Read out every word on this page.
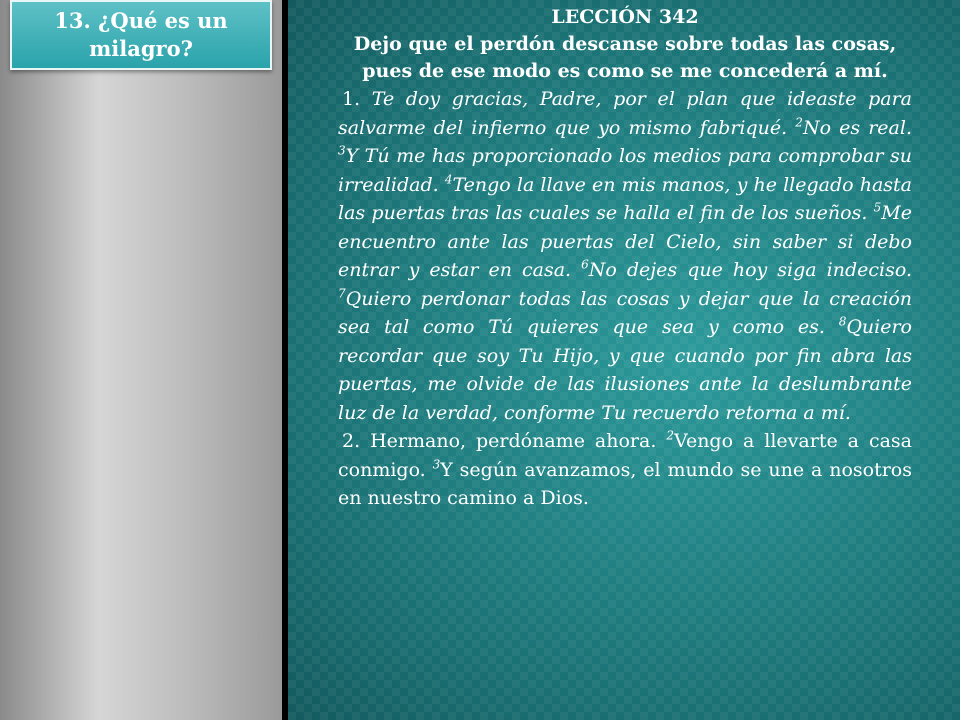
13. ¿Qué es un milagro?

LECCIÓN 342

Dejo que el perdón descanse sobre todas las cosas, pues de ese modo es como se me concederá a mí.

1. Te doy gracias, Padre, por el plan que ideaste para salvarme del infierno que yo mismo fabriqué. $^2$No es real. $^3$Y Tú me has proporcionado los medios para comprobar su irrealidad. $^4$Tengo la llave en mis manos, y he llegado hasta las puertas tras las cuales se halla el fin de los sueños. $^5$Me encuentro ante las puertas del Cielo, sin saber si debo entrar y estar en casa. $^6$No dejes que hoy siga indeciso. $^7$Quiero perdonar todas las cosas y dejar que la creación sea tal como Tú quieres que sea y como es. $^8$Quiero recordar que soy Tu Hijo, y que cuando por fin abra las puertas, me olvide de las ilusiones ante la deslumbrante luz de la verdad, conforme Tu recuerdo retorna a mí.

2. Hermano, perdóname ahora. $^2$Vengo a llevarte a casa conmigo. $^3$Y según avanzamos, el mundo se une a nosotros en nuestro camino a Dios.
